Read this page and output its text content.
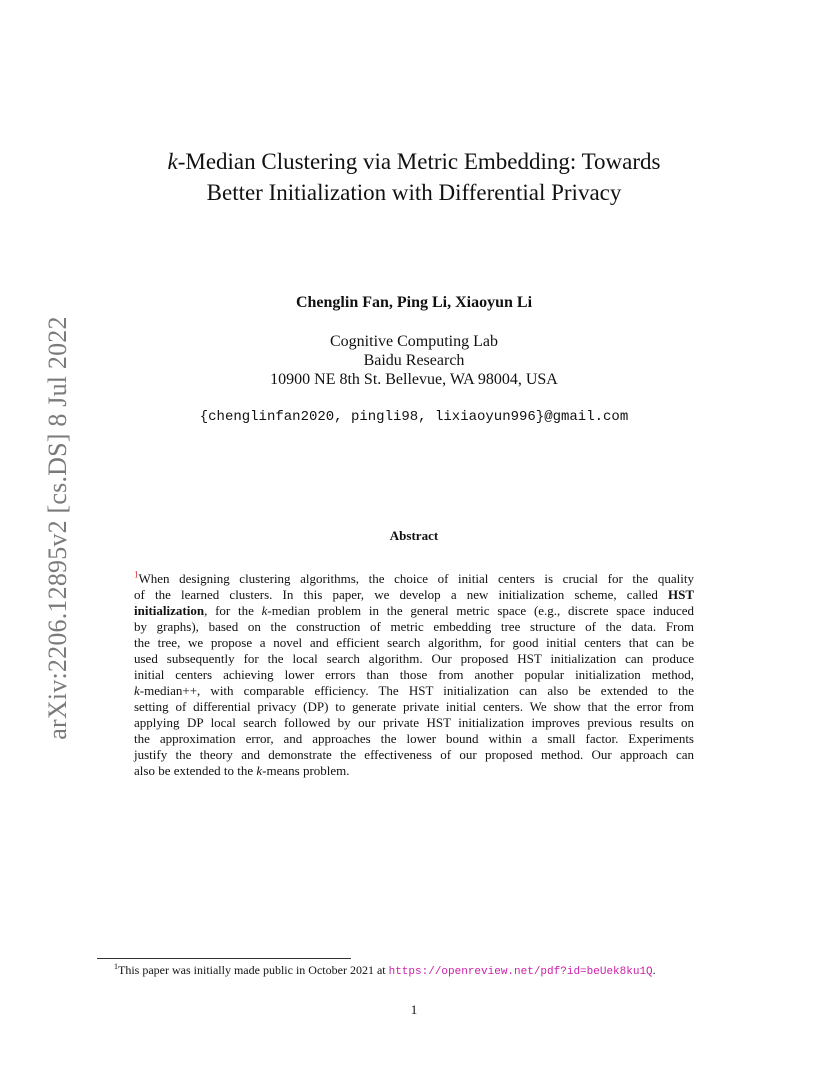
arXiv:2206.12895v2 [cs.DS] 8 Jul 2022
k-Median Clustering via Metric Embedding: Towards
Better Initialization with Differential Privacy
Chenglin Fan, Ping Li, Xiaoyun Li
Cognitive Computing Lab
Baidu Research
10900 NE 8th St. Bellevue, WA 98004, USA
{chenglinfan2020, pingli98, lixiaoyun996}@gmail.com
Abstract
$^1$When designing clustering algorithms, the choice of initial centers is crucial for the quality
of the learned clusters. In this paper, we develop a new initialization scheme, called HST
initialization, for the k-median problem in the general metric space (e.g., discrete space induced
by graphs), based on the construction of metric embedding tree structure of the data. From
the tree, we propose a novel and efficient search algorithm, for good initial centers that can be
used subsequently for the local search algorithm. Our proposed HST initialization can produce
initial centers achieving lower errors than those from another popular initialization method,
k-median++, with comparable efficiency. The HST initialization can also be extended to the
setting of differential privacy (DP) to generate private initial centers. We show that the error from
applying DP local search followed by our private HST initialization improves previous results on
the approximation error, and approaches the lower bound within a small factor. Experiments
justify the theory and demonstrate the effectiveness of our proposed method. Our approach can
also be extended to the k-means problem.
$^1$This paper was initially made public in October 2021 at https://openreview.net/pdf?id=beUek8ku1Q.
1
